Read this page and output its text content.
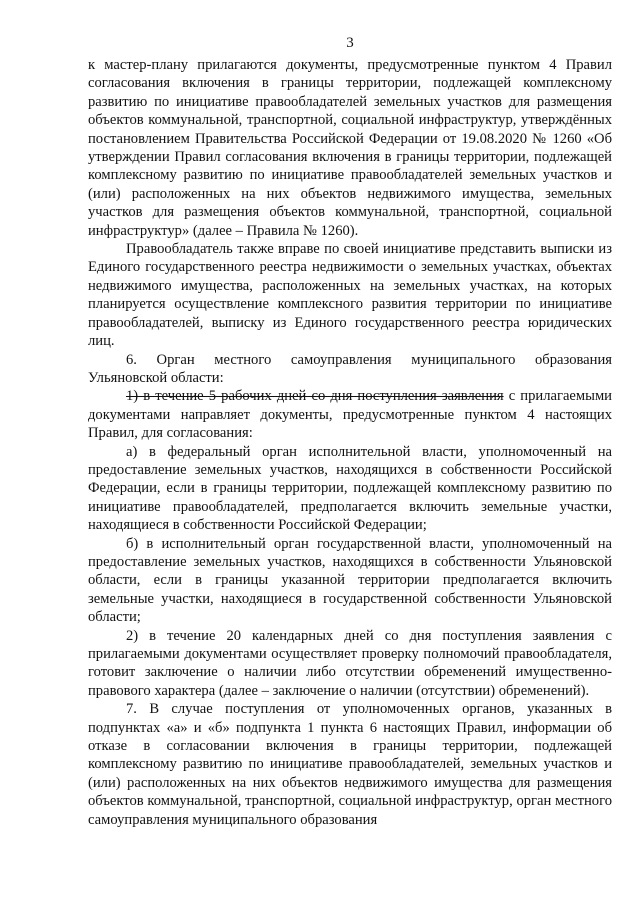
3

к мастер-плану прилагаются документы, предусмотренные пунктом 4 Правил согласования включения в границы территории, подлежащей комплексному развитию по инициативе правообладателей земельных участков для размещения объектов коммунальной, транспортной, социальной инфраструктур, утверждённых постановлением Правительства Российской Федерации от 19.08.2020 № 1260 «Об утверждении Правил согласования включения в границы территории, подлежащей комплексному развитию по инициативе правообладателей земельных участков и (или) расположенных на них объектов недвижимого имущества, земельных участков для размещения объектов коммунальной, транспортной, социальной инфраструктур» (далее – Правила № 1260).

Правообладатель также вправе по своей инициативе представить выписки из Единого государственного реестра недвижимости о земельных участках, объектах недвижимого имущества, расположенных на земельных участках, на которых планируется осуществление комплексного развития территории по инициативе правообладателей, выписку из Единого государственного реестра юридических лиц.

6. Орган местного самоуправления муниципального образования Ульяновской области:

1) в течение 5 рабочих дней со дня поступления заявления с прилагаемыми документами направляет документы, предусмотренные пунктом 4 настоящих Правил, для согласования:

а) в федеральный орган исполнительной власти, уполномоченный на предоставление земельных участков, находящихся в собственности Российской Федерации, если в границы территории, подлежащей комплексному развитию по инициативе правообладателей, предполагается включить земельные участки, находящиеся в собственности Российской Федерации;

б) в исполнительный орган государственной власти, уполномоченный на предоставление земельных участков, находящихся в собственности Ульяновской области, если в границы указанной территории предполагается включить земельные участки, находящиеся в государственной собственности Ульяновской области;

2) в течение 20 календарных дней со дня поступления заявления с прилагаемыми документами осуществляет проверку полномочий правообладателя, готовит заключение о наличии либо отсутствии обременений имущественно-правового характера (далее – заключение о наличии (отсутствии) обременений).

7. В случае поступления от уполномоченных органов, указанных в подпунктах «а» и «б» подпункта 1 пункта 6 настоящих Правил, информации об отказе в согласовании включения в границы территории, подлежащей комплексному развитию по инициативе правообладателей, земельных участков и (или) расположенных на них объектов недвижимого имущества для размещения объектов коммунальной, транспортной, социальной инфраструктур, орган местного самоуправления муниципального образования
